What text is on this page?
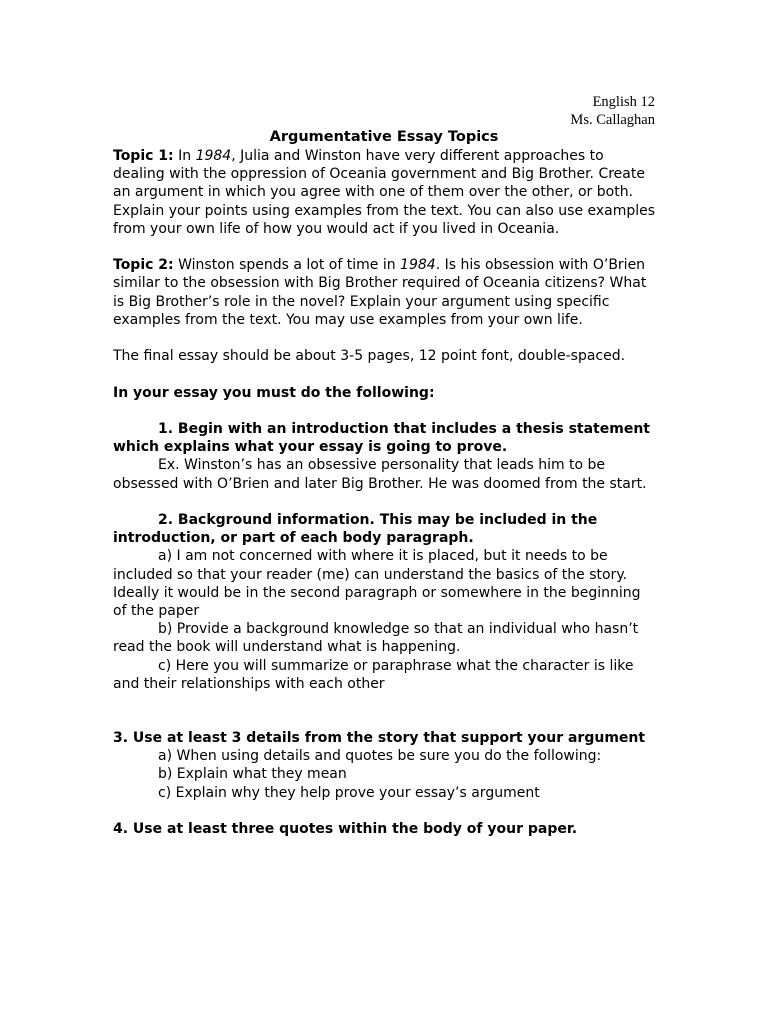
English 12
Ms. Callaghan
Argumentative Essay Topics

Topic 1: In 1984, Julia and Winston have very different approaches to dealing with the oppression of Oceania government and Big Brother. Create an argument in which you agree with one of them over the other, or both. Explain your points using examples from the text. You can also use examples from your own life of how you would act if you lived in Oceania.

Topic 2: Winston spends a lot of time in 1984. Is his obsession with O’Brien similar to the obsession with Big Brother required of Oceania citizens? What is Big Brother’s role in the novel? Explain your argument using specific examples from the text. You may use examples from your own life.

The final essay should be about 3-5 pages, 12 point font, double-spaced.

In your essay you must do the following:

1. Begin with an introduction that includes a thesis statement which explains what your essay is going to prove.

Ex. Winston’s has an obsessive personality that leads him to be obsessed with O’Brien and later Big Brother. He was doomed from the start.

2. Background information. This may be included in the introduction, or part of each body paragraph.

a) I am not concerned with where it is placed, but it needs to be included so that your reader (me) can understand the basics of the story. Ideally it would be in the second paragraph or somewhere in the beginning of the paper

b) Provide a background knowledge so that an individual who hasn’t read the book will understand what is happening.

c) Here you will summarize or paraphrase what the character is like and their relationships with each other

3. Use at least 3 details from the story that support your argument

a) When using details and quotes be sure you do the following:

b) Explain what they mean

c) Explain why they help prove your essay’s argument

4. Use at least three quotes within the body of your paper.
